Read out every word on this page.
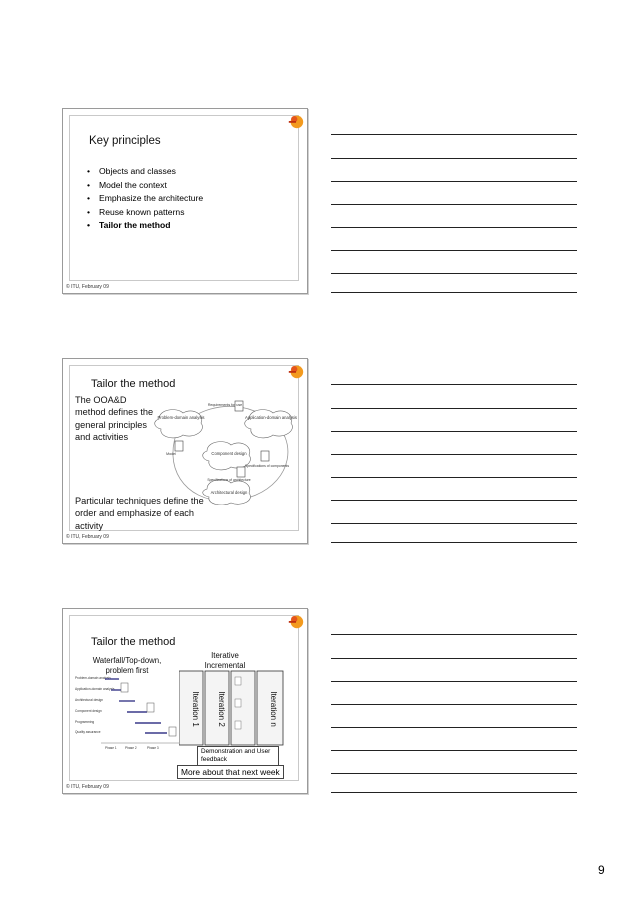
Key principles
• Objects and classes
• Model the context
• Emphasize the architecture
• Reuse known patterns
• Tailor the method
© ITU, February 09
Tailor the method
The OOA&D method defines the general principles and activities
Problem-domain analysis	Application-domain analysis
Component design
Architectural design
Requirements for use
Model
Specifications of components
Specifications of architecture
Particular techniques define the order and emphasize of each activity
© ITU, February 09
Tailor the method
Waterfall/Top-down, problem first
Iterative Incremental
Problem-domain analysis
Application-domain analysis
Architectural design
Component design
Programming
Quality assurance
Phase 1	Phase 2	Phase 3
Iteration 1 Iteration 2	Iteration n
Demonstration and User feedback
More about that next week
© ITU, February 09
9
